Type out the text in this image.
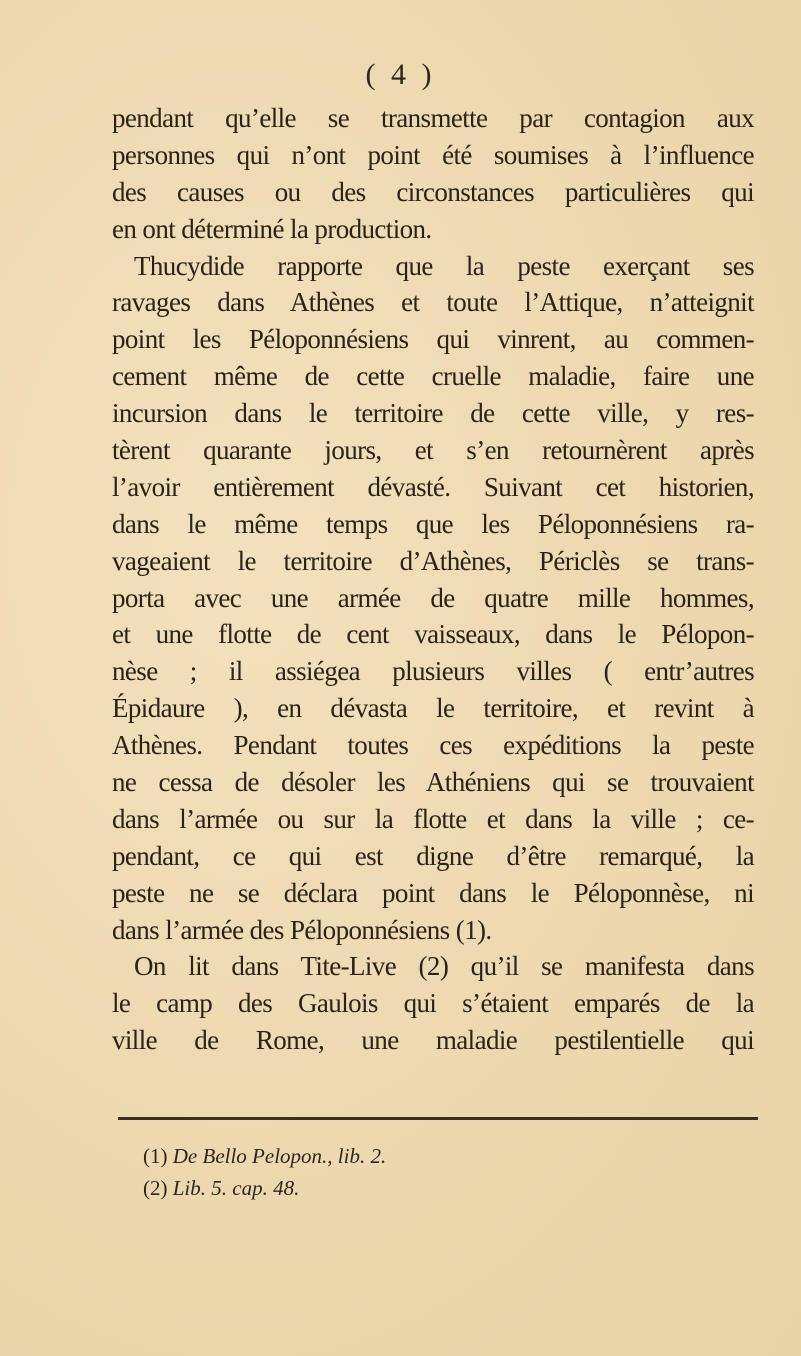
( 4 )
pendant qu’elle se transmette par contagion aux
personnes qui n’ont point été soumises à l’influence
des causes ou des circonstances particulières qui
en ont déterminé la production.
Thucydide rapporte que la peste exerçant ses
ravages dans Athènes et toute l’Attique, n’atteignit
point les Péloponnésiens qui vinrent, au commen-
cement même de cette cruelle maladie, faire une
incursion dans le territoire de cette ville, y res-
tèrent quarante jours, et s’en retournèrent après
l’avoir entièrement dévasté. Suivant cet historien,
dans le même temps que les Péloponnésiens ra-
vageaient le territoire d’Athènes, Périclès se trans-
porta avec une armée de quatre mille hommes,
et une flotte de cent vaisseaux, dans le Pélopon-
nèse ; il assiégea plusieurs villes ( entr’autres
Épidaure ), en dévasta le territoire, et revint à
Athènes. Pendant toutes ces expéditions la peste
ne cessa de désoler les Athéniens qui se trouvaient
dans l’armée ou sur la flotte et dans la ville ; ce-
pendant, ce qui est digne d’être remarqué, la
peste ne se déclara point dans le Péloponnèse, ni
dans l’armée des Péloponnésiens (1).
On lit dans Tite-Live (2) qu’il se manifesta dans
le camp des Gaulois qui s’étaient emparés de la
ville de Rome, une maladie pestilentielle qui
(1) De Bello Pelopon., lib. 2.
(2) Lib. 5. cap. 48.
